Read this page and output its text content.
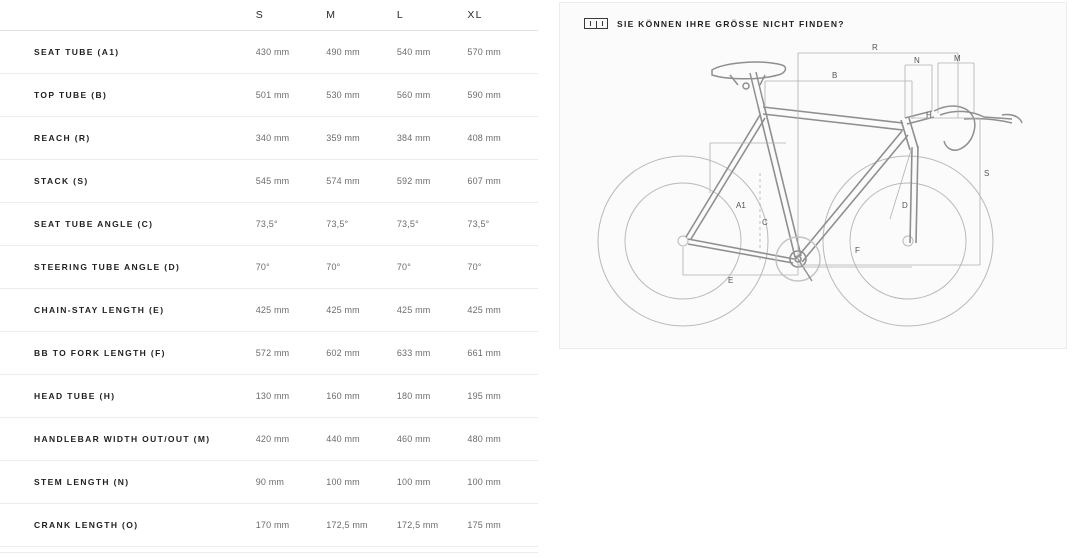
	S	M	L	XL
SEAT TUBE (A1)	430 mm	490 mm	540 mm	570 mm
TOP TUBE (B)	501 mm	530 mm	560 mm	590 mm
REACH (R)	340 mm	359 mm	384 mm	408 mm
STACK (S)	545 mm	574 mm	592 mm	607 mm
SEAT TUBE ANGLE (C)	73,5°	73,5°	73,5°	73,5°
STEERING TUBE ANGLE (D)	70°	70°	70°	70°
CHAIN-STAY LENGTH (E)	425 mm	425 mm	425 mm	425 mm
BB TO FORK LENGTH (F)	572 mm	602 mm	633 mm	661 mm
HEAD TUBE (H)	130 mm	160 mm	180 mm	195 mm
HANDLEBAR WIDTH OUT/OUT (M)	420 mm	440 mm	460 mm	480 mm
STEM LENGTH (N)	90 mm	100 mm	100 mm	100 mm
CRANK LENGTH (O)	170 mm	172,5 mm	172,5 mm	175 mm
SIE KÖNNEN IHRE GRÖSSE NICHT FINDEN?
R
B
N	M
H
S
A1
C
D
F
E
